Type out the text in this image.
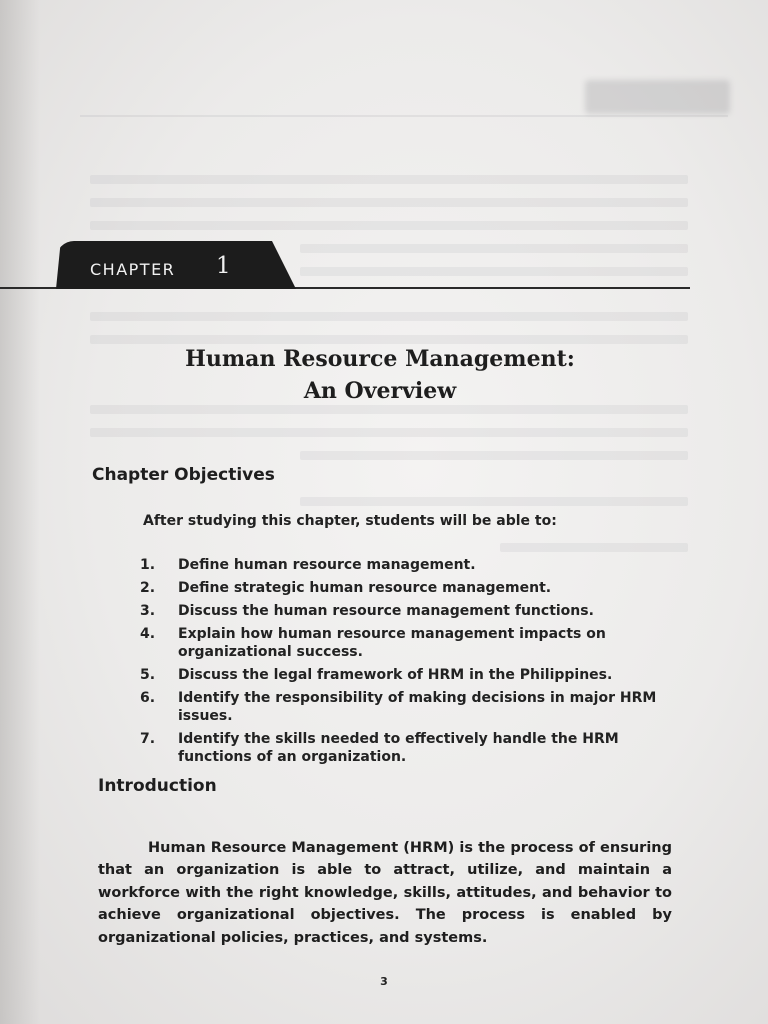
CHAPTER 1
Human Resource Management:
An Overview
Chapter Objectives
After studying this chapter, students will be able to:
1.	Define human resource management.
2.	Define strategic human resource management.
3.	Discuss the human resource management functions.
4.	Explain how human resource management impacts on organizational success.
5.	Discuss the legal framework of HRM in the Philippines.
6.	Identify the responsibility of making decisions in major HRM issues.
7.	Identify the skills needed to effectively handle the HRM functions of an organization.
Introduction

Human Resource Management (HRM) is the process of ensuring that an organization is able to attract, utilize, and maintain a workforce with the right knowledge, skills, attitudes, and behavior to achieve organizational objectives. The process is enabled by organizational policies, practices, and systems.

3
